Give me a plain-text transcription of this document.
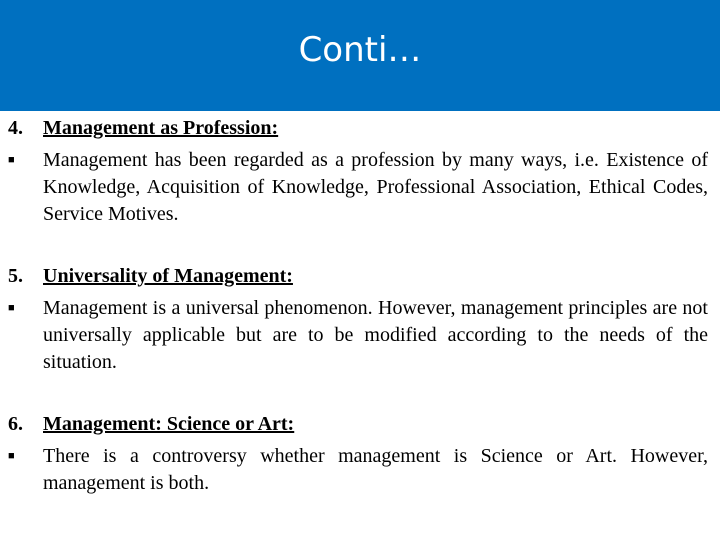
Conti…
4.	Management as Profession:
■	Management has been regarded as a profession by many ways, i.e. Existence of Knowledge, Acquisition of Knowledge, Professional Association, Ethical Codes, Service Motives.
5.	Universality of Management:
■	Management is a universal phenomenon. However, management principles are not universally applicable but are to be modified according to the needs of the situation.
6.	Management: Science or Art:
■	There is a controversy whether management is Science or Art. However, management is both.
